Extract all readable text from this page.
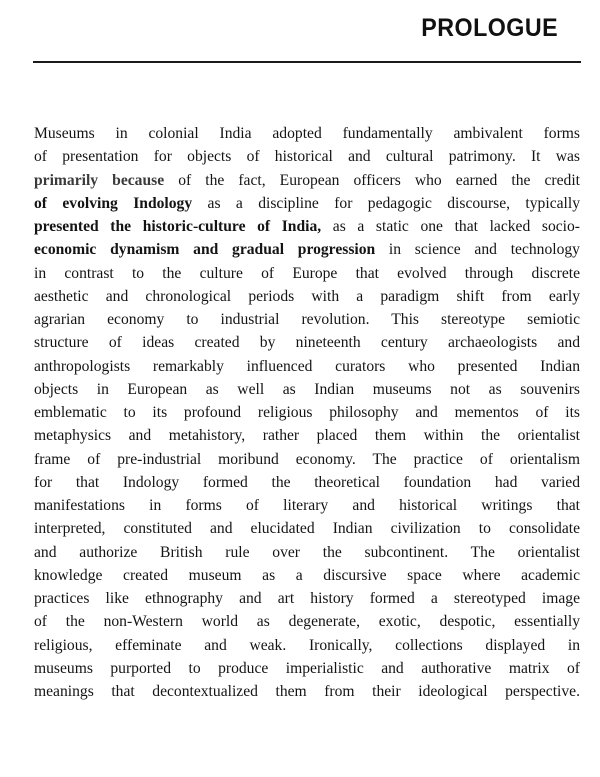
PROLOGUE
Museums in colonial India adopted fundamentally ambivalent forms
of presentation for objects of historical and cultural patrimony. It was
primarily because of the fact, European officers who earned the credit
of evolving Indology as a discipline for pedagogic discourse, typically
presented the historic-culture of India, as a static one that lacked socio-
economic dynamism and gradual progression in science and technology
in contrast to the culture of Europe that evolved through discrete
aesthetic and chronological periods with a paradigm shift from early
agrarian economy to industrial revolution. This stereotype semiotic
structure of ideas created by nineteenth century archaeologists and
anthropologists remarkably influenced curators who presented Indian
objects in European as well as Indian museums not as souvenirs
emblematic to its profound religious philosophy and mementos of its
metaphysics and metahistory, rather placed them within the orientalist
frame of pre-industrial moribund economy. The practice of orientalism
for that Indology formed the theoretical foundation had varied
manifestations in forms of literary and historical writings that
interpreted, constituted and elucidated Indian civilization to consolidate
and authorize British rule over the subcontinent. The orientalist
knowledge created museum as a discursive space where academic
practices like ethnography and art history formed a stereotyped image
of the non-Western world as degenerate, exotic, despotic, essentially
religious, effeminate and weak. Ironically, collections displayed in
museums purported to produce imperialistic and authorative matrix of
meanings that decontextualized them from their ideological perspective.
